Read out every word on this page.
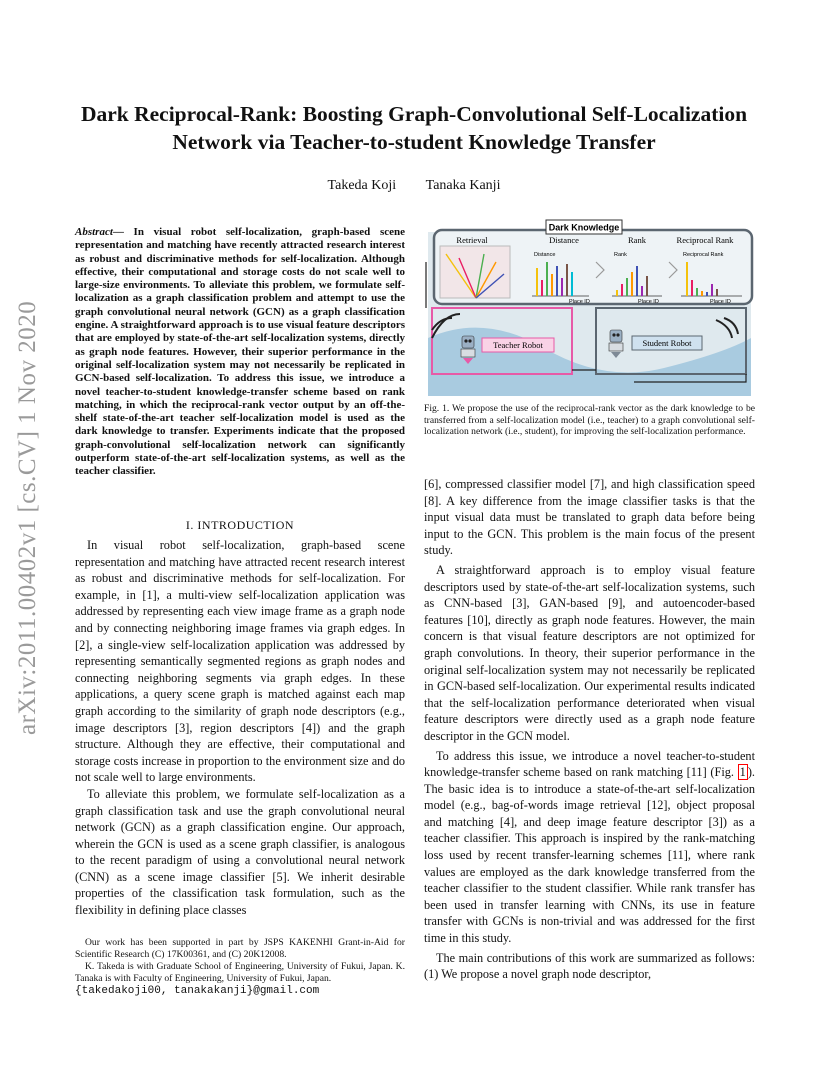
Dark Reciprocal-Rank: Boosting Graph-Convolutional Self-Localization
Network via Teacher-to-student Knowledge Transfer
Takeda Koji Tanaka Kanji
arXiv:2011.00402v1 [cs.CV] 1 Nov 2020
Abstract— In visual robot self-localization, graph-based scene representation and matching have recently attracted research interest as robust and discriminative methods for self-localization. Although effective, their computational and storage costs do not scale well to large-size environments. To alleviate this problem, we formulate self-localization as a graph classification problem and attempt to use the graph convolutional neural network (GCN) as a graph classification engine. A straightforward approach is to use visual feature descriptors that are employed by state-of-the-art self-localization systems, directly as graph node features. However, their superior performance in the original self-localization system may not necessarily be replicated in GCN-based self-localization. To address this issue, we introduce a novel teacher-to-student knowledge-transfer scheme based on rank matching, in which the reciprocal-rank vector output by an off-the-shelf state-of-the-art teacher self-localization model is used as the dark knowledge to transfer. Experiments indicate that the proposed graph-convolutional self-localization network can significantly outperform state-of-the-art self-localization systems, as well as the teacher classifier.
I. INTRODUCTION

In visual robot self-localization, graph-based scene representation and matching have attracted recent research interest as robust and discriminative methods for self-localization. For example, in [1], a multi-view self-localization application was addressed by representing each view image frame as a graph node and by connecting neighboring image frames via graph edges. In [2], a single-view self-localization application was addressed by representing semantically segmented regions as graph nodes and connecting neighboring segments via graph edges. In these applications, a query scene graph is matched against each map graph according to the similarity of graph node descriptors (e.g., image descriptors [3], region descriptors [4]) and the graph structure. Although they are effective, their computational and storage costs increase in proportion to the environment size and do not scale well to large environments.

To alleviate this problem, we formulate self-localization as a graph classification task and use the graph convolutional neural network (GCN) as a graph classification engine. Our approach, wherein the GCN is used as a scene graph classifier, is analogous to the recent paradigm of using a convolutional neural network (CNN) as a scene image classifier [5]. We inherit desirable properties of the classification task formulation, such as the flexibility in defining place classes

Our work has been supported in part by JSPS KAKENHI Grant-in-Aid for Scientific Research (C) 17K00361, and (C) 20K12008.

K. Takeda is with Graduate School of Engineering, University of Fukui, Japan. K. Tanaka is with Faculty of Engineering, University of Fukui, Japan.

{takedakoji00, tanakakanji}@gmail.com
Dark Knowledge
Retrieval	Distance
Distance
Place ID
Rank
Rank
Place ID
Reciprocal Rank
Reciprocal Rank
Place ID
Teacher Robot	Student Robot
Fig. 1. We propose the use of the reciprocal-rank vector as the dark knowledge to be transferred from a self-localization model (i.e., teacher) to a graph convolutional self-localization network (i.e., student), for improving the self-localization performance.

[6], compressed classifier model [7], and high classification speed [8]. A key difference from the image classifier tasks is that the input visual data must be translated to graph data before being input to the GCN. This problem is the main focus of the present study.

A straightforward approach is to employ visual feature descriptors used by state-of-the-art self-localization systems, such as CNN-based [3], GAN-based [9], and autoencoder-based features [10], directly as graph node features. However, the main concern is that visual feature descriptors are not optimized for graph convolutions. In theory, their superior performance in the original self-localization system may not necessarily be replicated in GCN-based self-localization. Our experimental results indicated that the self-localization performance deteriorated when visual feature descriptors were directly used as a graph node feature descriptor in the GCN model.

To address this issue, we introduce a novel teacher-to-student knowledge-transfer scheme based on rank matching [11] (Fig. 1 ). The basic idea is to introduce a state-of-the-art self-localization model (e.g., bag-of-words image retrieval [12], object proposal and matching [4], and deep image feature descriptor [3]) as a teacher classifier. This approach is inspired by the rank-matching loss used by recent transfer-learning schemes [11], where rank values are employed as the dark knowledge transferred from the teacher classifier to the student classifier. While rank transfer has been used in transfer learning with CNNs, its use in feature transfer with GCNs is non-trivial and was addressed for the first time in this study.

The main contributions of this work are summarized as follows: (1) We propose a novel graph node descriptor,
